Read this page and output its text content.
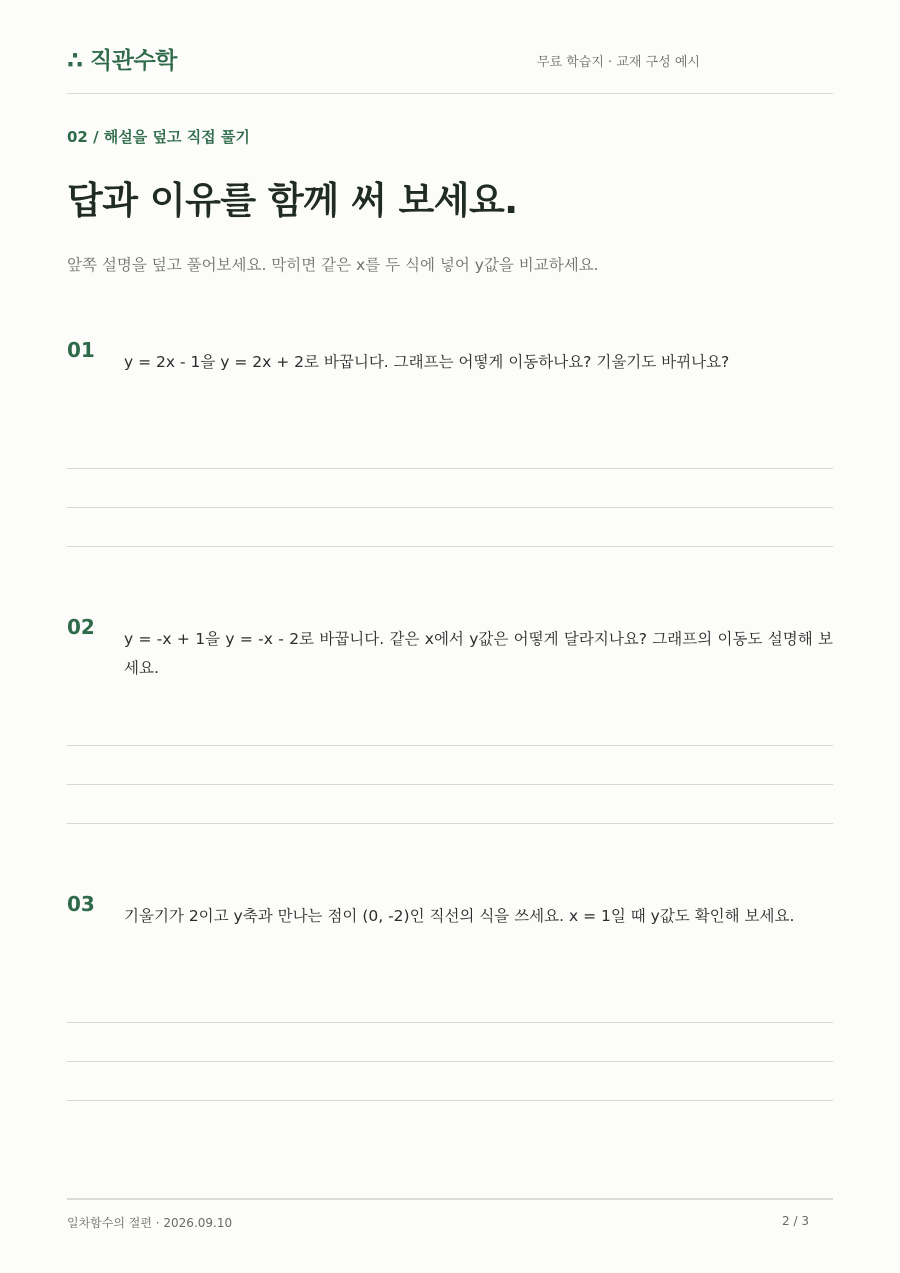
∴ 직관수학	무료 학습지 · 교재 구성 예시
02 / 해설을 덮고 직접 풀기
답과 이유를 함께 써 보세요.
앞쪽 설명을 덮고 풀어보세요. 막히면 같은 x를 두 식에 넣어 y값을 비교하세요.
01 y = 2x - 1을 y = 2x + 2로 바꿉니다. 그래프는 어떻게 이동하나요? 기울기도 바뀌나요?
02 y = -x + 1을 y = -x - 2로 바꿉니다. 같은 x에서 y값은 어떻게 달라지나요? 그래프의 이동도 설명해 보세요.
03 기울기가 2이고 y축과 만나는 점이 (0, -2)인 직선의 식을 쓰세요. x = 1일 때 y값도 확인해 보세요.
일차함수의 절편 · 2026.09.10	2 / 3
